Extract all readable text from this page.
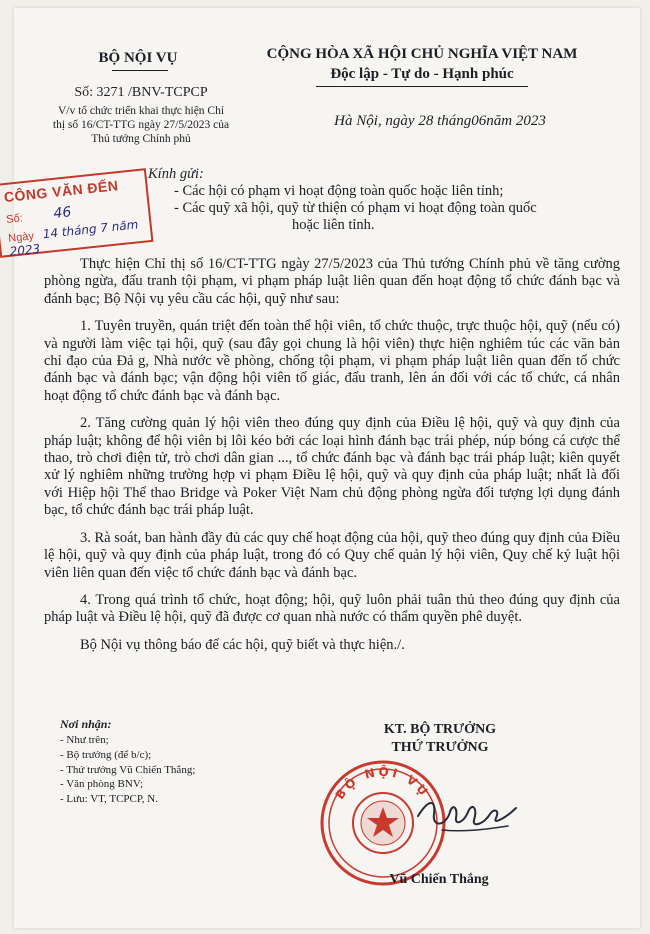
BỘ NỘI VỤ
Số: 3271 /BNV-TCPCP
V/v tổ chức triển khai thực hiện Chỉ thị số 16/CT-TTG ngày 27/5/2023 của Thủ tướng Chính phủ
CỘNG HÒA XÃ HỘI CHỦ NGHĨA VIỆT NAM
Độc lập - Tự do - Hạnh phúc
Hà Nội, ngày 28 tháng06năm 2023
CÔNG VĂN ĐẾN
Số: 46
Ngày 14 tháng 7 năm 2023
Kính gửi:
- Các hội có phạm vi hoạt động toàn quốc hoặc liên tỉnh;
- Các quỹ xã hội, quỹ từ thiện có phạm vi hoạt động toàn quốc
hoặc liên tỉnh.

Thực hiện Chỉ thị số 16/CT-TTG ngày 27/5/2023 của Thủ tướng Chính phủ về tăng cường phòng ngừa, đấu tranh tội phạm, vi phạm pháp luật liên quan đến hoạt động tổ chức đánh bạc và đánh bạc; Bộ Nội vụ yêu cầu các hội, quỹ như sau:

1. Tuyên truyền, quán triệt đến toàn thể hội viên, tổ chức thuộc, trực thuộc hội, quỹ (nếu có) và người làm việc tại hội, quỹ (sau đây gọi chung là hội viên) thực hiện nghiêm túc các văn bản chỉ đạo của Đả g, Nhà nước về phòng, chống tội phạm, vi phạm pháp luật liên quan đến tổ chức đánh bạc và đánh bạc; vận động hội viên tố giác, đấu tranh, lên án đối với các tổ chức, cá nhân hoạt động tổ chức đánh bạc và đánh bạc.

2. Tăng cường quản lý hội viên theo đúng quy định của Điều lệ hội, quỹ và quy định của pháp luật; không để hội viên bị lôi kéo bởi các loại hình đánh bạc trái phép, núp bóng cá cược thể thao, trò chơi điện tử, trò chơi dân gian ..., tổ chức đánh bạc và đánh bạc trái pháp luật; kiên quyết xử lý nghiêm những trường hợp vi phạm Điều lệ hội, quỹ và quy định của pháp luật; nhất là đối với Hiệp hội Thể thao Bridge và Poker Việt Nam chủ động phòng ngừa đối tượng lợi dụng đánh bạc, tổ chức đánh bạc trái pháp luật.

3. Rà soát, ban hành đầy đủ các quy chế hoạt động của hội, quỹ theo đúng quy định của Điều lệ hội, quỹ và quy định của pháp luật, trong đó có Quy chế quản lý hội viên, Quy chế kỷ luật hội viên liên quan đến việc tổ chức đánh bạc và đánh bạc.

4. Trong quá trình tổ chức, hoạt động; hội, quỹ luôn phải tuân thủ theo đúng quy định của pháp luật và Điều lệ hội, quỹ đã được cơ quan nhà nước có thẩm quyền phê duyệt.

Bộ Nội vụ thông báo để các hội, quỹ biết và thực hiện./.

Nơi nhận:
- Như trên;
- Bộ trưởng (để b/c);
- Thứ trưởng Vũ Chiến Thắng;
- Văn phòng BNV;
- Lưu: VT, TCPCP, N.
KT. BỘ TRƯỞNG
THỨ TRƯỞNG
BỘ NỘI VỤ
Vũ Chiến Thắng
